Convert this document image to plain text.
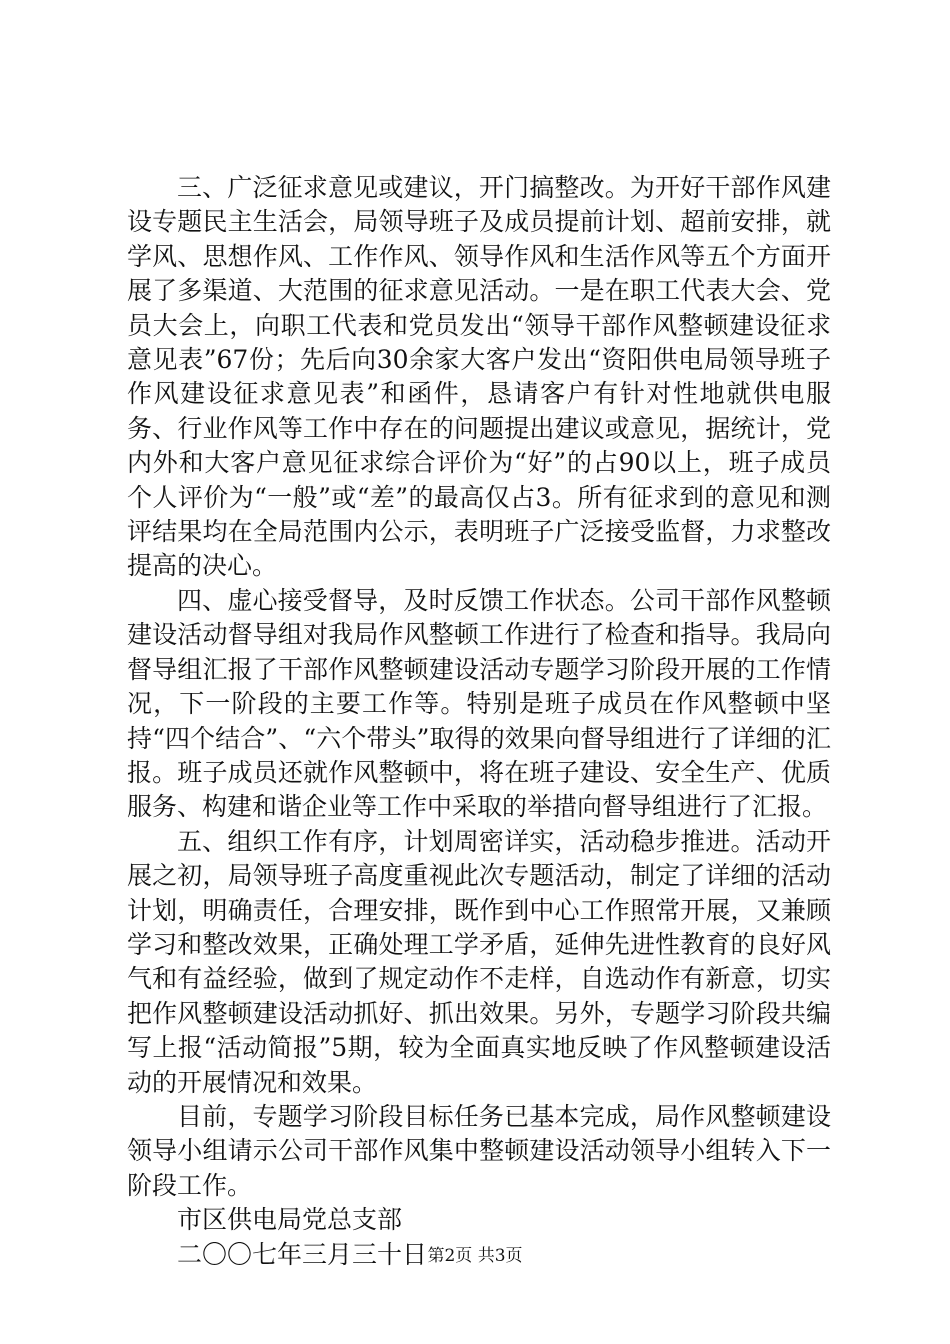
三、广泛征求意见或建议，开门搞整改。为开好干部作风建设专题民主生活会，局领导班子及成员提前计划、超前安排，就学风、思想作风、工作作风、领导作风和生活作风等五个方面开展了多渠道、大范围的征求意见活动。一是在职工代表大会、党员大会上，向职工代表和党员发出“领导干部作风整顿建设征求意见表”67份；先后向30余家大客户发出“资阳供电局领导班子作风建设征求意见表”和函件，恳请客户有针对性地就供电服务、行业作风等工作中存在的问题提出建议或意见，据统计，党内外和大客户意见征求综合评价为“好”的占90以上，班子成员个人评价为“一般”或“差”的最高仅占3。所有征求到的意见和测评结果均在全局范围内公示，表明班子广泛接受监督，力求整改提高的决心。

四、虚心接受督导，及时反馈工作状态。公司干部作风整顿建设活动督导组对我局作风整顿工作进行了检查和指导。我局向督导组汇报了干部作风整顿建设活动专题学习阶段开展的工作情况，下一阶段的主要工作等。特别是班子成员在作风整顿中坚持“四个结合”、“六个带头”取得的效果向督导组进行了详细的汇报。班子成员还就作风整顿中，将在班子建设、安全生产、优质服务、构建和谐企业等工作中采取的举措向督导组进行了汇报。

五、组织工作有序，计划周密详实，活动稳步推进。活动开展之初，局领导班子高度重视此次专题活动，制定了详细的活动计划，明确责任，合理安排，既作到中心工作照常开展，又兼顾学习和整改效果，正确处理工学矛盾，延伸先进性教育的良好风气和有益经验，做到了规定动作不走样，自选动作有新意，切实把作风整顿建设活动抓好、抓出效果。另外，专题学习阶段共编写上报“活动简报”5期，较为全面真实地反映了作风整顿建设活动的开展情况和效果。

目前，专题学习阶段目标任务已基本完成，局作风整顿建设领导小组请示公司干部作风集中整顿建设活动领导小组转入下一阶段工作。

市区供电局党总支部

二〇〇七年三月三十日 第2页 共3页
